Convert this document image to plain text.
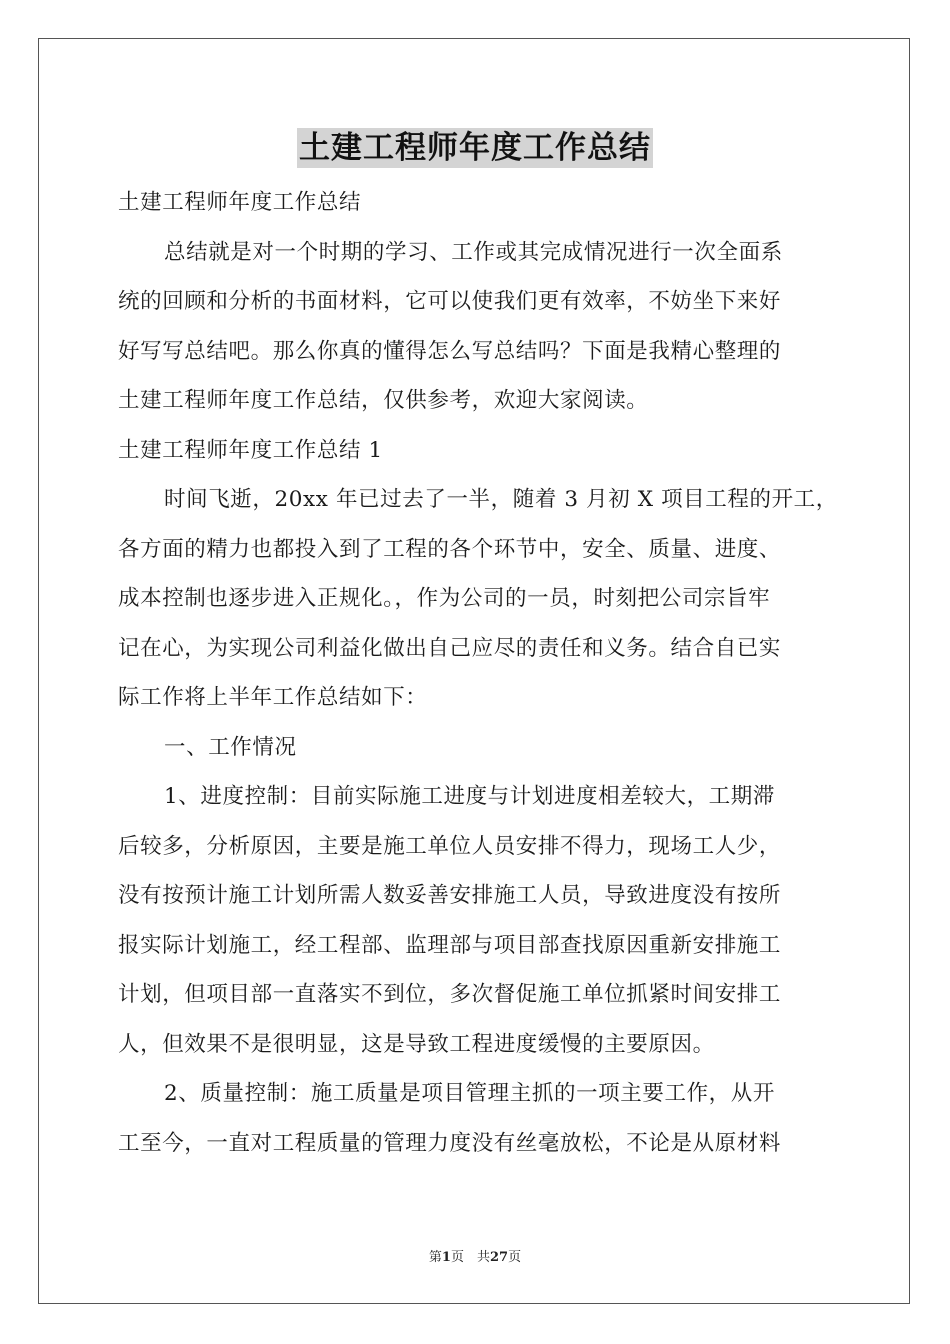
土建工程师年度工作总结
土建工程师年度工作总结
总结就是对一个时期的学习、工作或其完成情况进行一次全面系
统的回顾和分析的书面材料，它可以使我们更有效率，不妨坐下来好
好写写总结吧。那么你真的懂得怎么写总结吗？下面是我精心整理的
土建工程师年度工作总结，仅供参考，欢迎大家阅读。
土建工程师年度工作总结 1
时间飞逝，20xx 年已过去了一半，随着 3 月初 X 项目工程的开工，
各方面的精力也都投入到了工程的各个环节中，安全、质量、进度、
成本控制也逐步进入正规化。，作为公司的一员，时刻把公司宗旨牢
记在心，为实现公司利益化做出自己应尽的责任和义务。结合自已实
际工作将上半年工作总结如下：
一、工作情况
1、进度控制：目前实际施工进度与计划进度相差较大，工期滞
后较多，分析原因，主要是施工单位人员安排不得力，现场工人少，
没有按预计施工计划所需人数妥善安排施工人员，导致进度没有按所
报实际计划施工，经工程部、监理部与项目部查找原因重新安排施工
计划，但项目部一直落实不到位，多次督促施工单位抓紧时间安排工
人，但效果不是很明显，这是导致工程进度缓慢的主要原因。
2、质量控制：施工质量是项目管理主抓的一项主要工作，从开
工至今，一直对工程质量的管理力度没有丝毫放松，不论是从原材料
第1页　共27页
